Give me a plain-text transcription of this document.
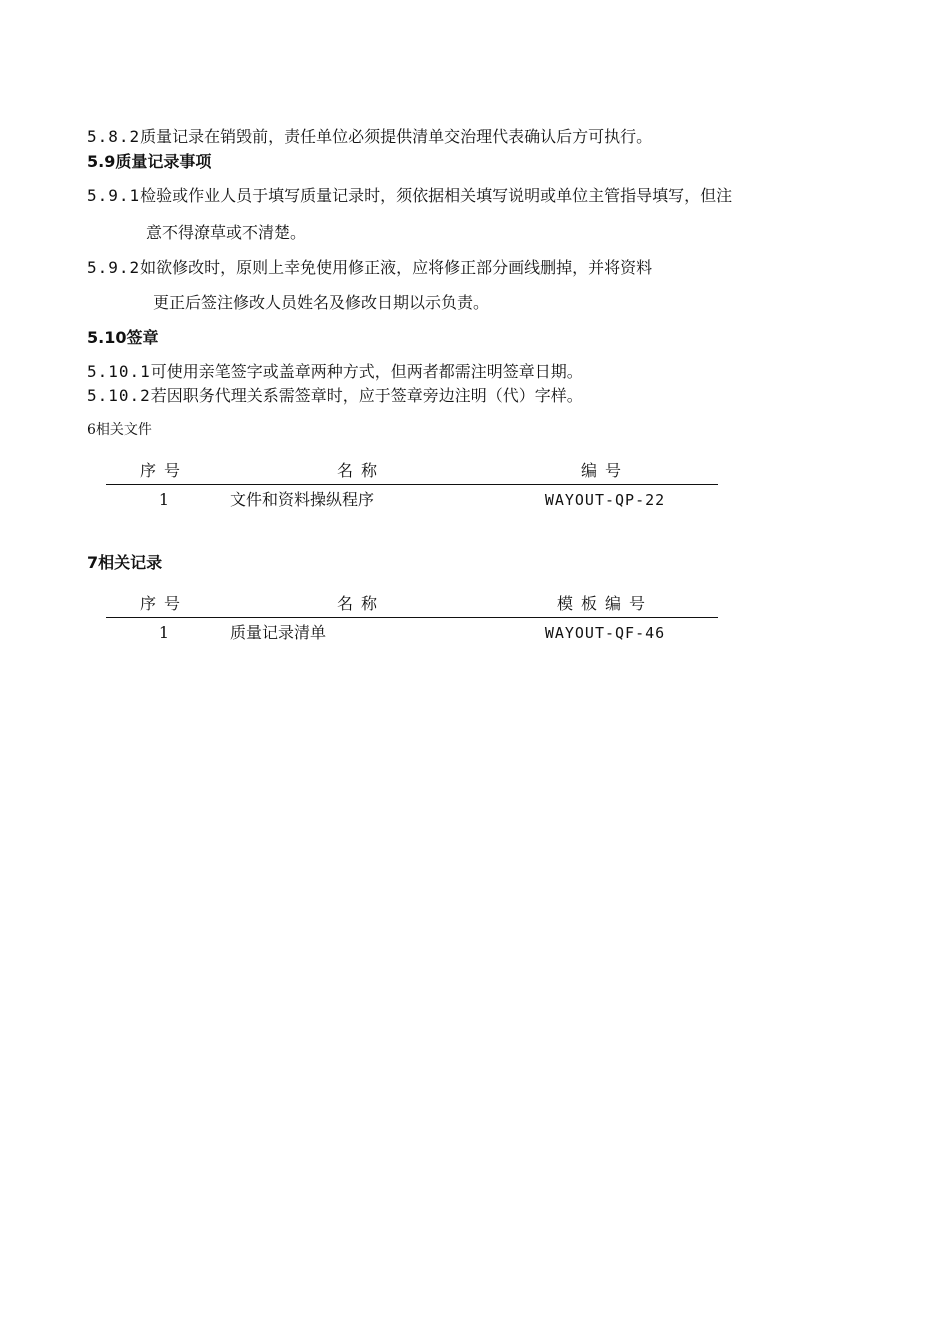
5.8.2质量记录在销毁前，责任单位必须提供清单交治理代表确认后方可执行。
5.9质量记录事项
5.9.1检验或作业人员于填写质量记录时，须依据相关填写说明或单位主管指导填写，但注
意不得潦草或不清楚。
5.9.2如欲修改时，原则上幸免使用修正液，应将修正部分画线删掉，并将资料
更正后签注修改人员姓名及修改日期以示负责。
5.10签章
5.10.1可使用亲笔签字或盖章两种方式，但两者都需注明签章日期。
5.10.2若因职务代理关系需签章时，应于签章旁边注明（代）字样。
6相关文件
序号	名称	编号
1	文件和资料操纵程序	WAYOUT-QP-22
7相关记录
序号	名称	模板编号
1	质量记录清单	WAYOUT-QF-46
